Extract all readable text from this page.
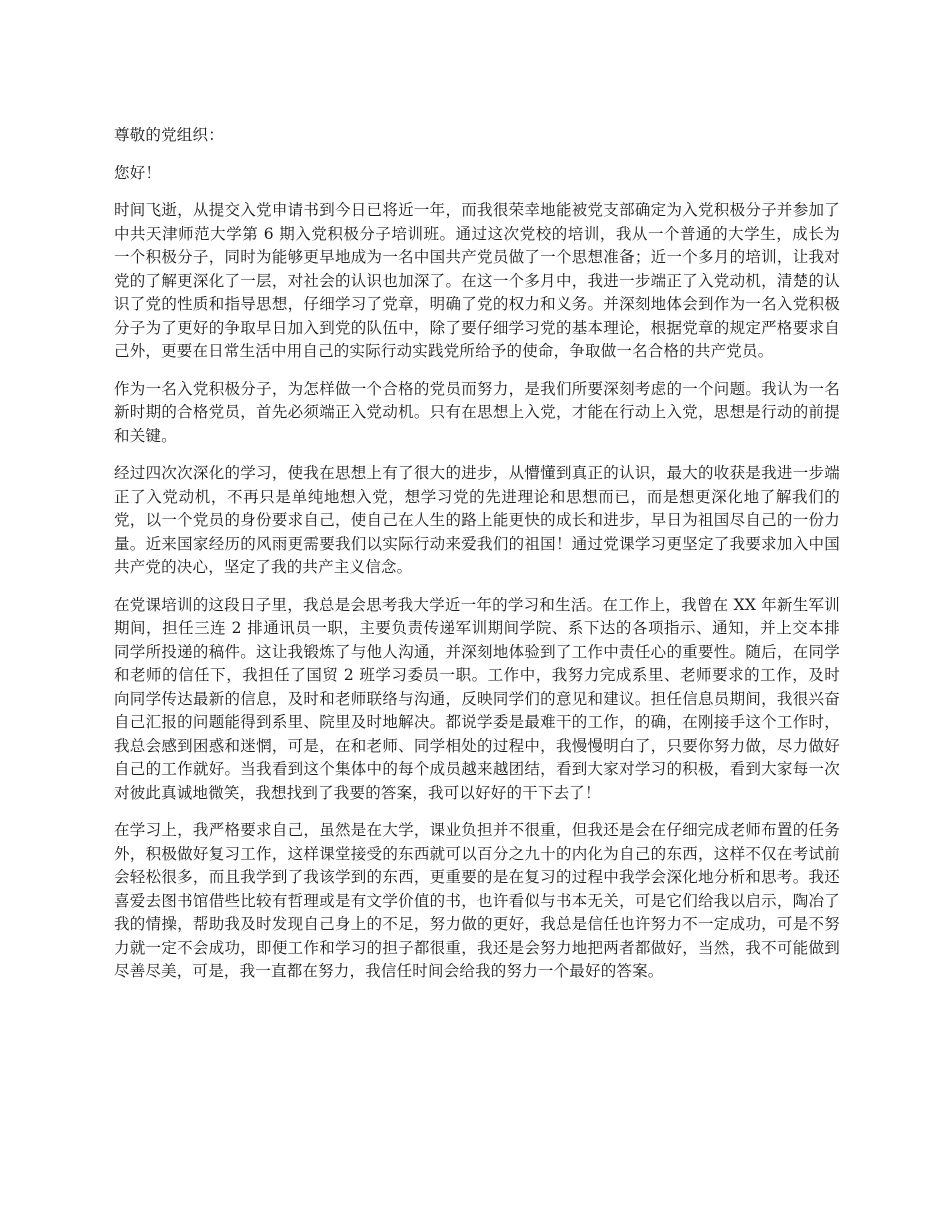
尊敬的党组织：

您好！

时间飞逝，从提交入党申请书到今日已将近一年，而我很荣幸地能被党支部确定为入党积极分子并参加了中共天津师范大学第 6 期入党积极分子培训班。通过这次党校的培训，我从一个普通的大学生，成长为一个积极分子，同时为能够更早地成为一名中国共产党员做了一个思想准备；近一个多月的培训，让我对党的了解更深化了一层，对社会的认识也加深了。在这一个多月中，我进一步端正了入党动机，清楚的认识了党的性质和指导思想，仔细学习了党章，明确了党的权力和义务。并深刻地体会到作为一名入党积极分子为了更好的争取早日加入到党的队伍中，除了要仔细学习党的基本理论，根据党章的规定严格要求自己外，更要在日常生活中用自己的实际行动实践党所给予的使命，争取做一名合格的共产党员。

作为一名入党积极分子，为怎样做一个合格的党员而努力，是我们所要深刻考虑的一个问题。我认为一名新时期的合格党员，首先必须端正入党动机。只有在思想上入党，才能在行动上入党，思想是行动的前提和关键。

经过四次次深化的学习，使我在思想上有了很大的进步，从懵懂到真正的认识，最大的收获是我进一步端正了入党动机，不再只是单纯地想入党，想学习党的先进理论和思想而已，而是想更深化地了解我们的党，以一个党员的身份要求自己，使自己在人生的路上能更快的成长和进步，早日为祖国尽自己的一份力量。近来国家经历的风雨更需要我们以实际行动来爱我们的祖国！通过党课学习更坚定了我要求加入中国共产党的决心，坚定了我的共产主义信念。

在党课培训的这段日子里，我总是会思考我大学近一年的学习和生活。在工作上，我曾在 XX 年新生军训期间，担任三连 2 排通讯员一职，主要负责传递军训期间学院、系下达的各项指示、通知，并上交本排同学所投递的稿件。这让我锻炼了与他人沟通，并深刻地体验到了工作中责任心的重要性。随后，在同学和老师的信任下，我担任了国贸 2 班学习委员一职。工作中，我努力完成系里、老师要求的工作，及时向同学传达最新的信息，及时和老师联络与沟通，反映同学们的意见和建议。担任信息员期间，我很兴奋自己汇报的问题能得到系里、院里及时地解决。都说学委是最难干的工作，的确，在刚接手这个工作时，我总会感到困惑和迷惘，可是，在和老师、同学相处的过程中，我慢慢明白了，只要你努力做，尽力做好自己的工作就好。当我看到这个集体中的每个成员越来越团结，看到大家对学习的积极，看到大家每一次对彼此真诚地微笑，我想找到了我要的答案，我可以好好的干下去了！

在学习上，我严格要求自己，虽然是在大学，课业负担并不很重，但我还是会在仔细完成老师布置的任务外，积极做好复习工作，这样课堂接受的东西就可以百分之九十的内化为自己的东西，这样不仅在考试前会轻松很多，而且我学到了我该学到的东西，更重要的是在复习的过程中我学会深化地分析和思考。我还喜爱去图书馆借些比较有哲理或是有文学价值的书，也许看似与书本无关，可是它们给我以启示，陶冶了我的情操，帮助我及时发现自己身上的不足，努力做的更好，我总是信任也许努力不一定成功，可是不努力就一定不会成功，即便工作和学习的担子都很重，我还是会努力地把两者都做好，当然，我不可能做到尽善尽美，可是，我一直都在努力，我信任时间会给我的努力一个最好的答案。
